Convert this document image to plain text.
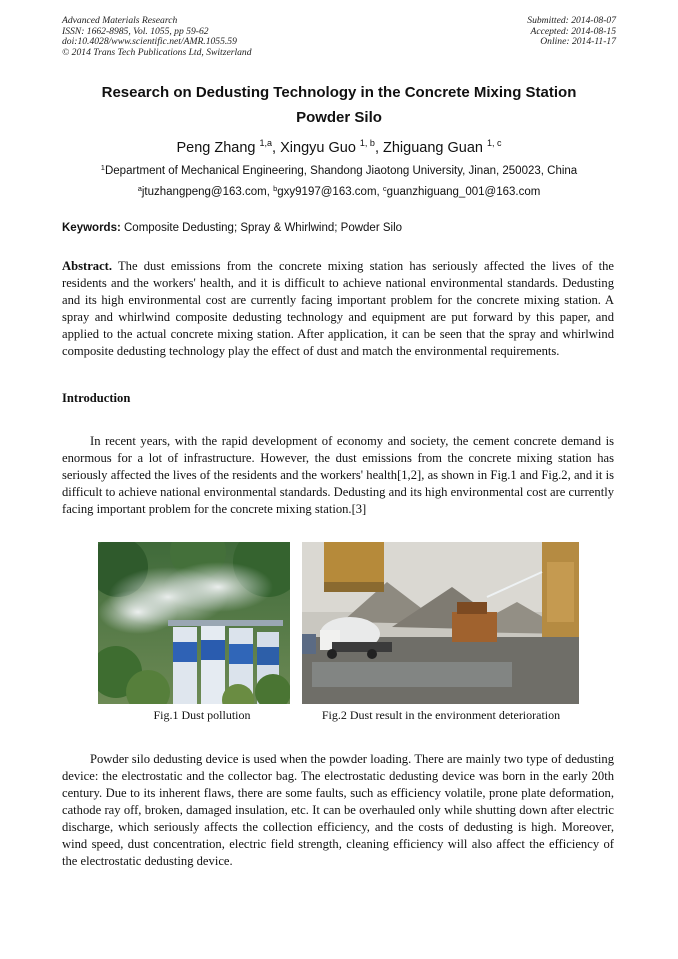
Advanced Materials Research
ISSN: 1662-8985, Vol. 1055, pp 59-62
doi:10.4028/www.scientific.net/AMR.1055.59
© 2014 Trans Tech Publications Ltd, Switzerland
Submitted: 2014-08-07
Accepted: 2014-08-15
Online: 2014-11-17
Research on Dedusting Technology in the Concrete Mixing Station
Powder Silo
Peng Zhang $^{1,a}$, Xingyu Guo $^{1, b}$, Zhiguang Guan $^{1, c}$
$^1$Department of Mechanical Engineering, Shandong Jiaotong University, Jinan, 250023, China
$^a$jtuzhangpeng@163.com, $^b$gxy9197@163.com, $^c$guanzhiguang_001@163.com
Keywords: Composite Dedusting; Spray & Whirlwind; Powder Silo
Abstract. The dust emissions from the concrete mixing station has seriously affected the lives of the residents and the workers' health, and it is difficult to achieve national environmental standards. Dedusting and its high environmental cost are currently facing important problem for the concrete mixing station. A spray and whirlwind composite dedusting technology and equipment are put forward by this paper, and applied to the actual concrete mixing station. After application, it can be seen that the spray and whirlwind composite dedusting technology play the effect of dust and match the environmental requirements.
Introduction
In recent years, with the rapid development of economy and society, the cement concrete demand is enormous for a lot of infrastructure. However, the dust emissions from the concrete mixing station has seriously affected the lives of the residents and the workers' health[1,2], as shown in Fig.1 and Fig.2, and it is difficult to achieve national environmental standards. Dedusting and its high environmental cost are currently facing important problem for the concrete mixing station.[3]
Fig.1 Dust pollution	Fig.2 Dust result in the environment deterioration
Powder silo dedusting device is used when the powder loading. There are mainly two type of dedusting device: the electrostatic and the collector bag. The electrostatic dedusting device was born in the early 20th century. Due to its inherent flaws, there are some faults, such as efficiency volatile, prone plate deformation, cathode ray off, broken, damaged insulation, etc. It can be overhauled only while shutting down after electric discharge, which seriously affects the collection efficiency, and the costs of dedusting is high. Moreover, wind speed, dust concentration, electric field strength, cleaning efficiency will also affect the efficiency of the electrostatic dedusting device.
